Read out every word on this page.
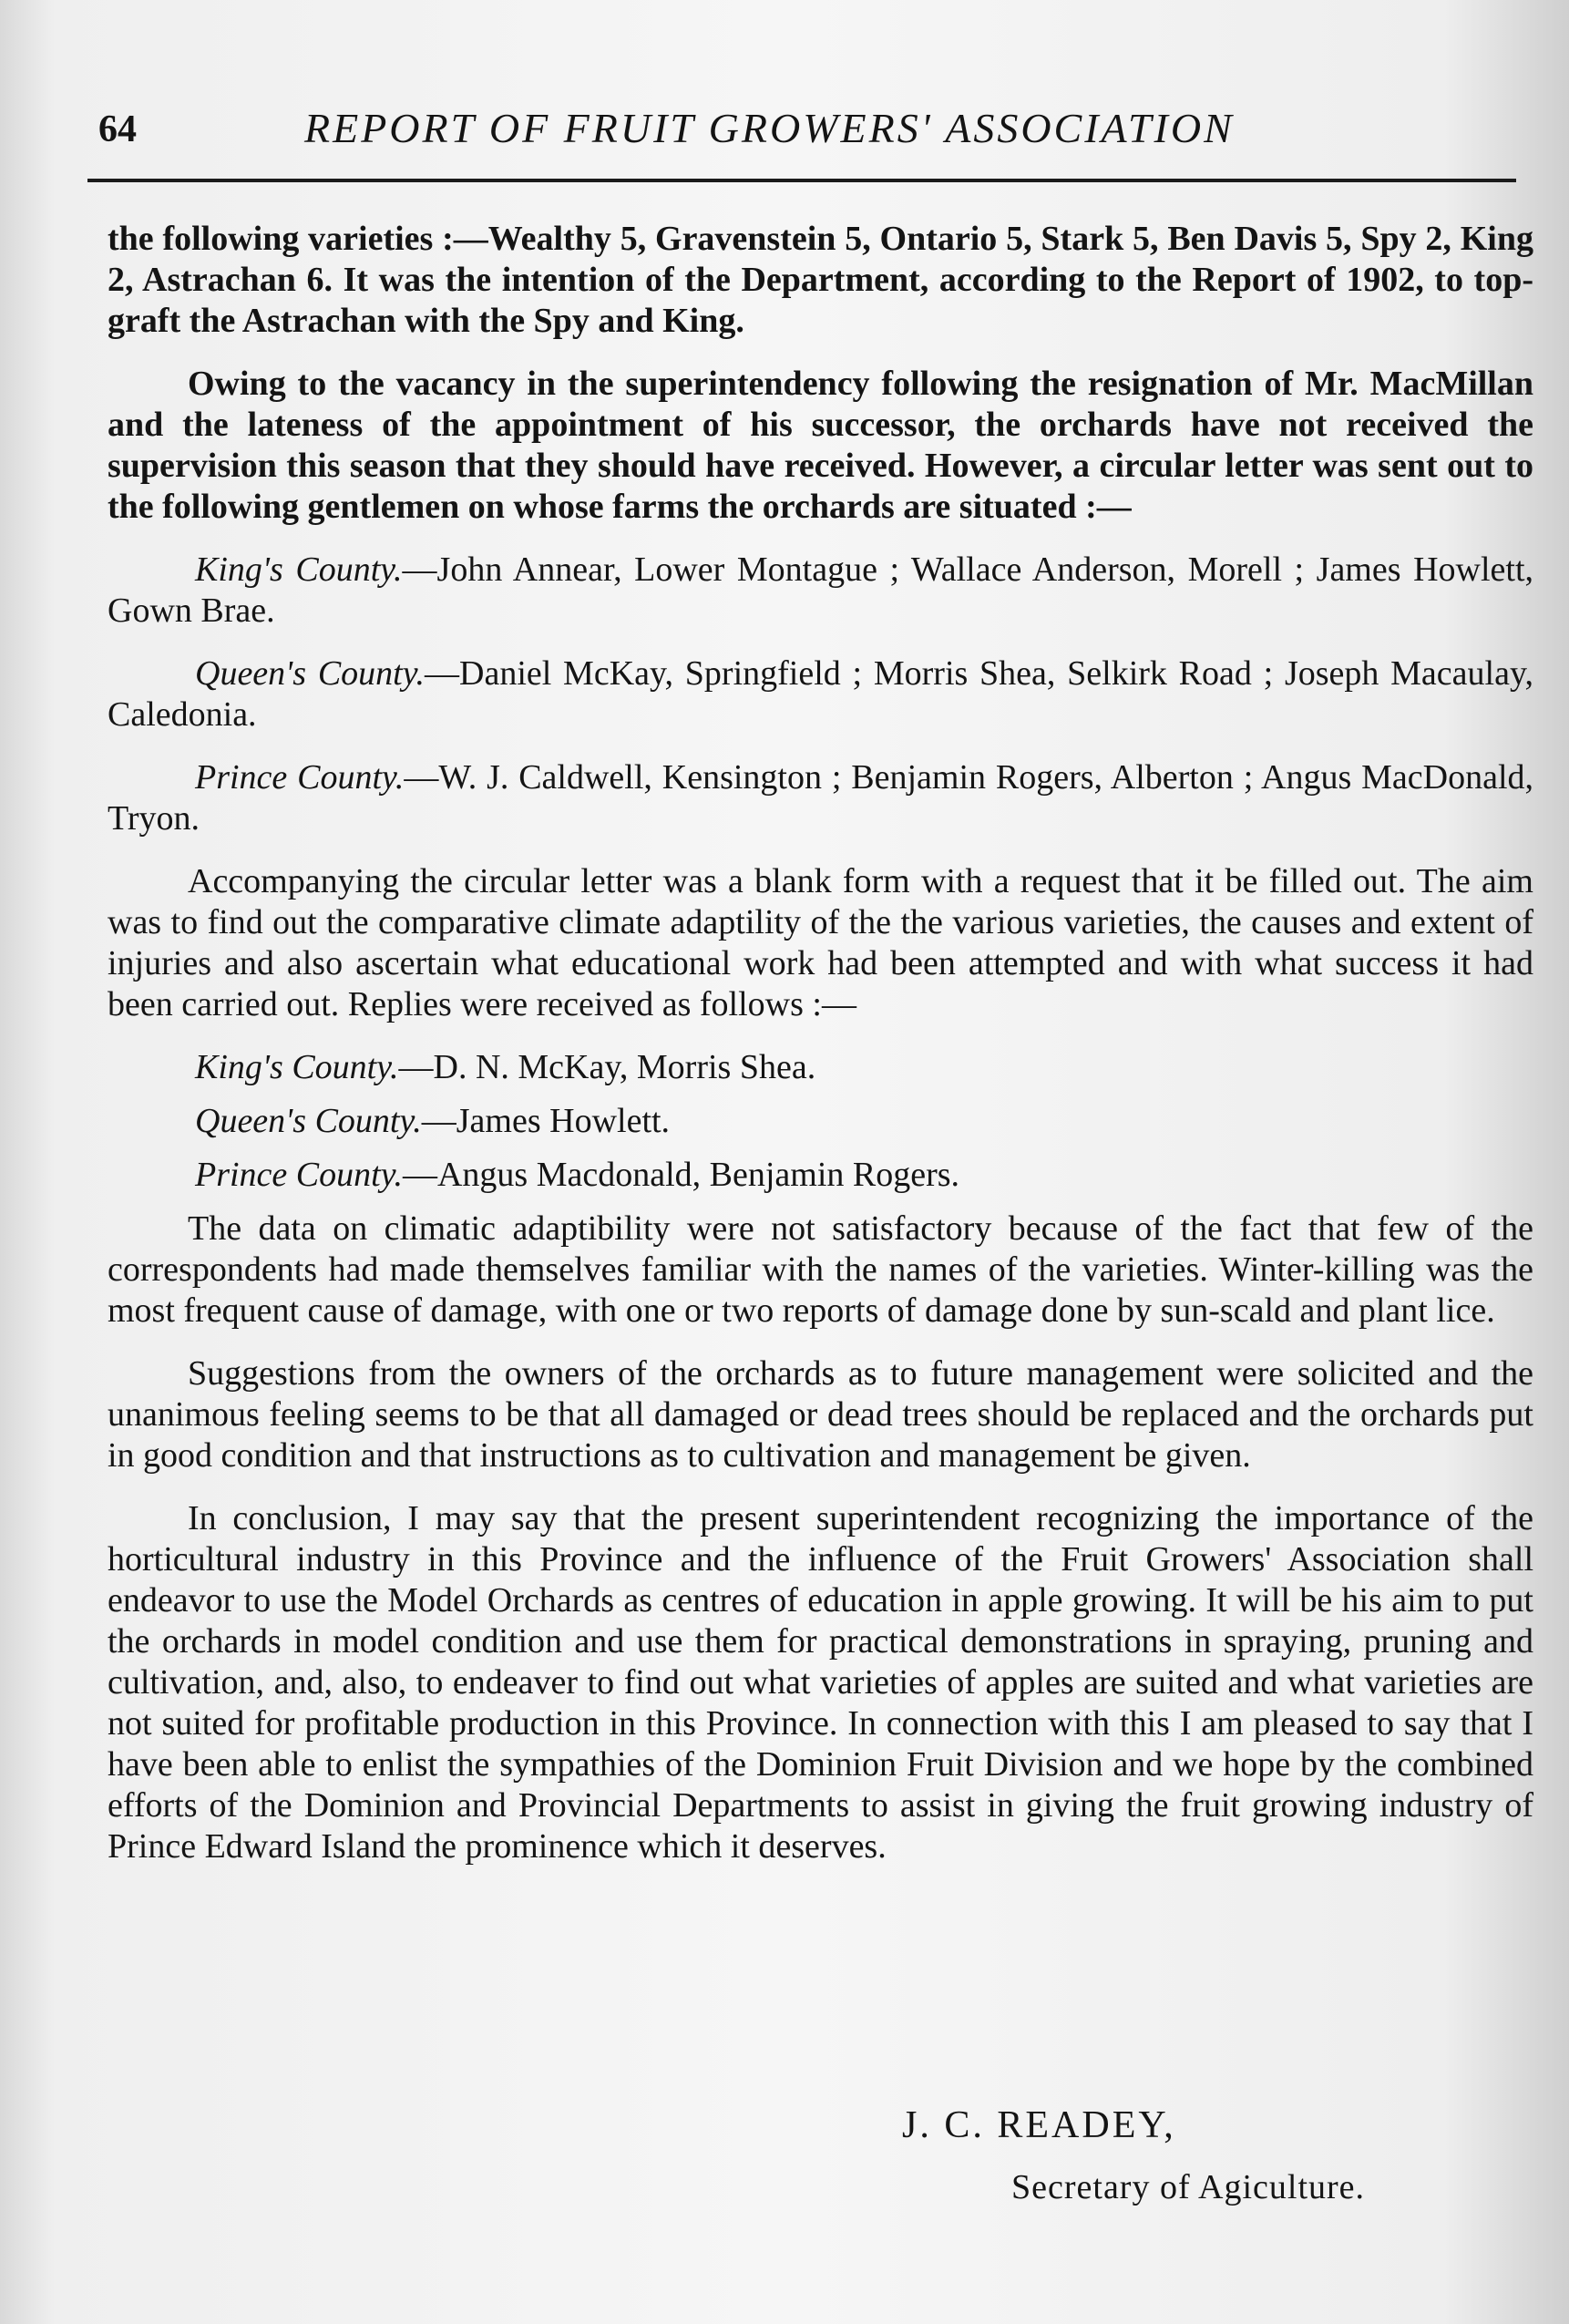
64	REPORT OF FRUIT GROWERS' ASSOCIATION

the following varieties :—Wealthy 5, Gravenstein 5, Ontario 5, Stark 5, Ben Davis 5, Spy 2, King 2, Astrachan 6. It was the intention of the Department, according to the Report of 1902, to top-graft the Astrachan with the Spy and King.

Owing to the vacancy in the superintendency following the resignation of Mr. MacMillan and the lateness of the appointment of his successor, the orchards have not received the supervision this season that they should have received. However, a circular letter was sent out to the following gentlemen on whose farms the orchards are situated :—

King's County.—John Annear, Lower Montague ; Wallace Anderson, Morell ; James Howlett, Gown Brae.

Queen's County.—Daniel McKay, Springfield ; Morris Shea, Selkirk Road ; Joseph Macaulay, Caledonia.

Prince County.—W. J. Caldwell, Kensington ; Benjamin Rogers, Alberton ; Angus MacDonald, Tryon.

Accompanying the circular letter was a blank form with a request that it be filled out. The aim was to find out the comparative climate adaptility of the the various varieties, the causes and extent of injuries and also ascertain what educational work had been attempted and with what success it had been carried out. Replies were received as follows :—

King's County.—D. N. McKay, Morris Shea.

Queen's County.—James Howlett.

Prince County.—Angus Macdonald, Benjamin Rogers.

The data on climatic adaptibility were not satisfactory because of the fact that few of the correspondents had made themselves familiar with the names of the varieties. Winter-killing was the most frequent cause of damage, with one or two reports of damage done by sun-scald and plant lice.

Suggestions from the owners of the orchards as to future management were solicited and the unanimous feeling seems to be that all damaged or dead trees should be replaced and the orchards put in good condition and that instructions as to cultivation and management be given.

In conclusion, I may say that the present superintendent recognizing the importance of the horticultural industry in this Province and the influence of the Fruit Growers' Association shall endeavor to use the Model Orchards as centres of education in apple growing. It will be his aim to put the orchards in model condition and use them for practical demonstrations in spraying, pruning and cultivation, and, also, to endeaver to find out what varieties of apples are suited and what varieties are not suited for profitable production in this Province. In connection with this I am pleased to say that I have been able to enlist the sympathies of the Dominion Fruit Division and we hope by the combined efforts of the Dominion and Provincial Departments to assist in giving the fruit growing industry of Prince Edward Island the prominence which it deserves.

J. C. READEY,
Secretary of Agiculture.
